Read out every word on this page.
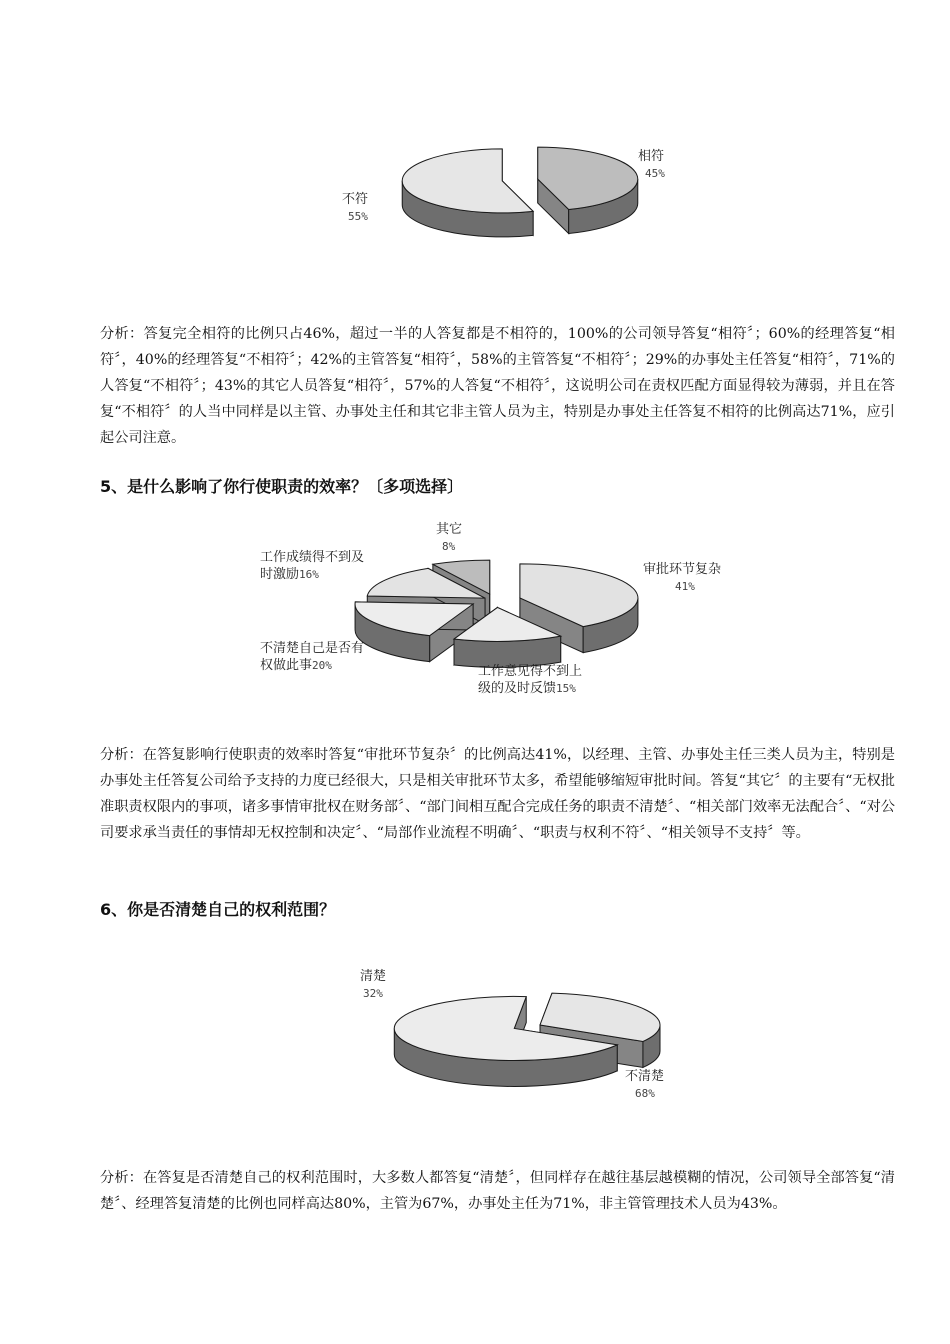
相符
45%
不符
55%

分析：答复完全相符的比例只占46%，超过一半的人答复都是不相符的，100%的公司领导答复“相符〞；60%的经理答复“相符〞，40%的经理答复“不相符〞；42%的主管答复“相符〞，58%的主管答复“不相符〞；29%的办事处主任答复“相符〞，71%的人答复“不相符〞；43%的其它人员答复“相符〞，57%的人答复“不相符〞，这说明公司在责权匹配方面显得较为薄弱，并且在答复“不相符〞的人当中同样是以主管、办事处主任和其它非主管人员为主，特别是办事处主任答复不相符的比例高达71%，应引起公司注意。

5、是什么影响了你行使职责的效率？〔多项选择〕
审批环节复杂
41%
工作意见得不到上
级的及时反馈15%
不清楚自己是否有
权做此事20%
工作成绩得不到及
时激励16%
其它
8%

分析：在答复影响行使职责的效率时答复“审批环节复杂〞的比例高达41%，以经理、主管、办事处主任三类人员为主，特别是办事处主任答复公司给予支持的力度已经很大，只是相关审批环节太多，希望能够缩短审批时间。答复“其它〞的主要有“无权批准职责权限内的事项，诸多事情审批权在财务部〞、“部门间相互配合完成任务的职责不清楚〞、“相关部门效率无法配合〞、“对公司要求承当责任的事情却无权控制和决定〞、“局部作业流程不明确〞、“职责与权利不符〞、“相关领导不支持〞等。

6、你是否清楚自己的权利范围？
清楚
32%
不清楚
68%

分析：在答复是否清楚自己的权利范围时，大多数人都答复“清楚〞，但同样存在越往基层越模糊的情况，公司领导全部答复“清楚〞、经理答复清楚的比例也同样高达80%，主管为67%，办事处主任为71%，非主管管理技术人员为43%。
